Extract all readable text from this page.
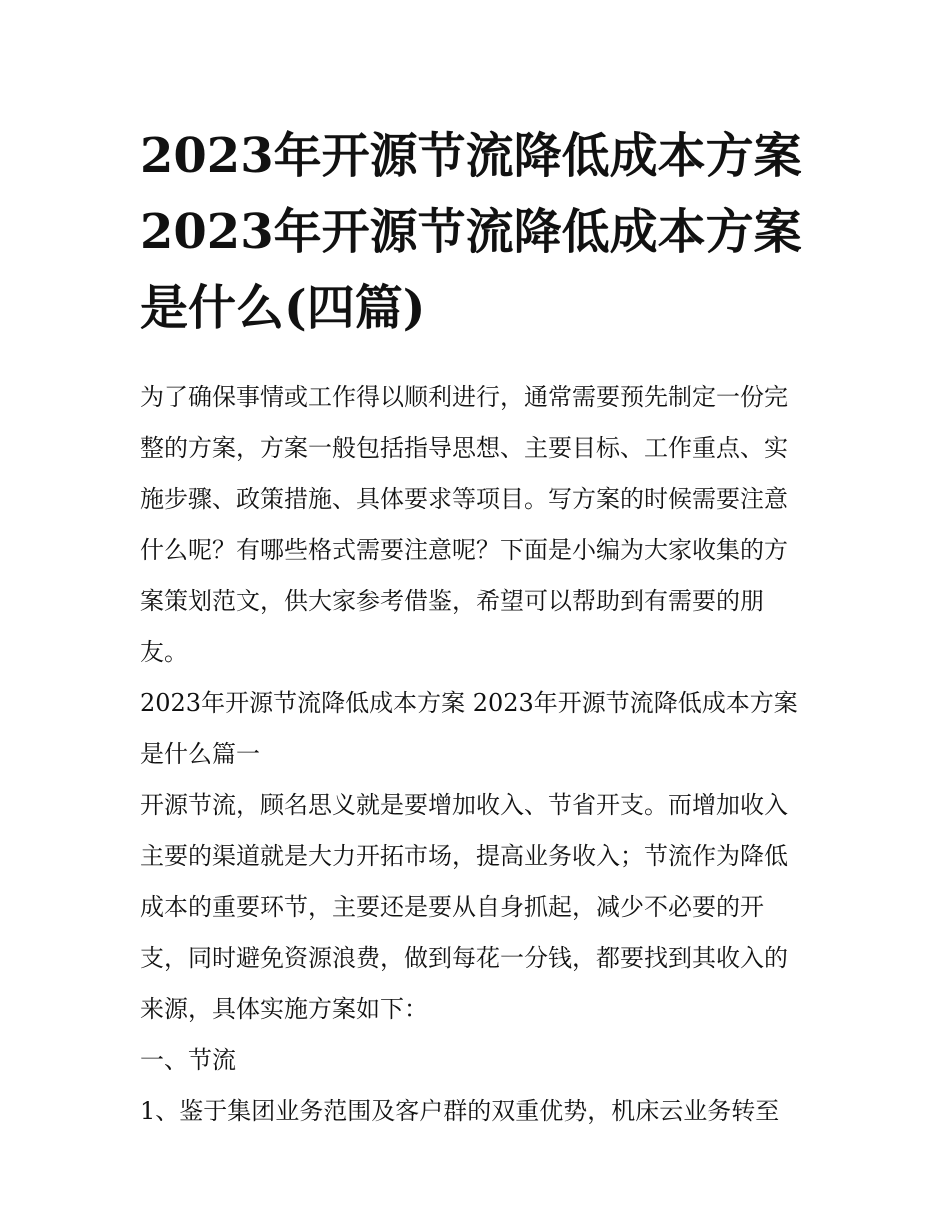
2023年开源节流降低成本方案
2023年开源节流降低成本方案
是什么(四篇)
为了确保事情或工作得以顺利进行，通常需要预先制定一份完
整的方案，方案一般包括指导思想、主要目标、工作重点、实
施步骤、政策措施、具体要求等项目。写方案的时候需要注意
什么呢？有哪些格式需要注意呢？下面是小编为大家收集的方
案策划范文，供大家参考借鉴，希望可以帮助到有需要的朋
友。
2023年开源节流降低成本方案 2023年开源节流降低成本方案
是什么篇一
开源节流，顾名思义就是要增加收入、节省开支。而增加收入
主要的渠道就是大力开拓市场，提高业务收入；节流作为降低
成本的重要环节，主要还是要从自身抓起，减少不必要的开
支，同时避免资源浪费，做到每花一分钱，都要找到其收入的
来源，具体实施方案如下：
一、节流
1、鉴于集团业务范围及客户群的双重优势，机床云业务转至
